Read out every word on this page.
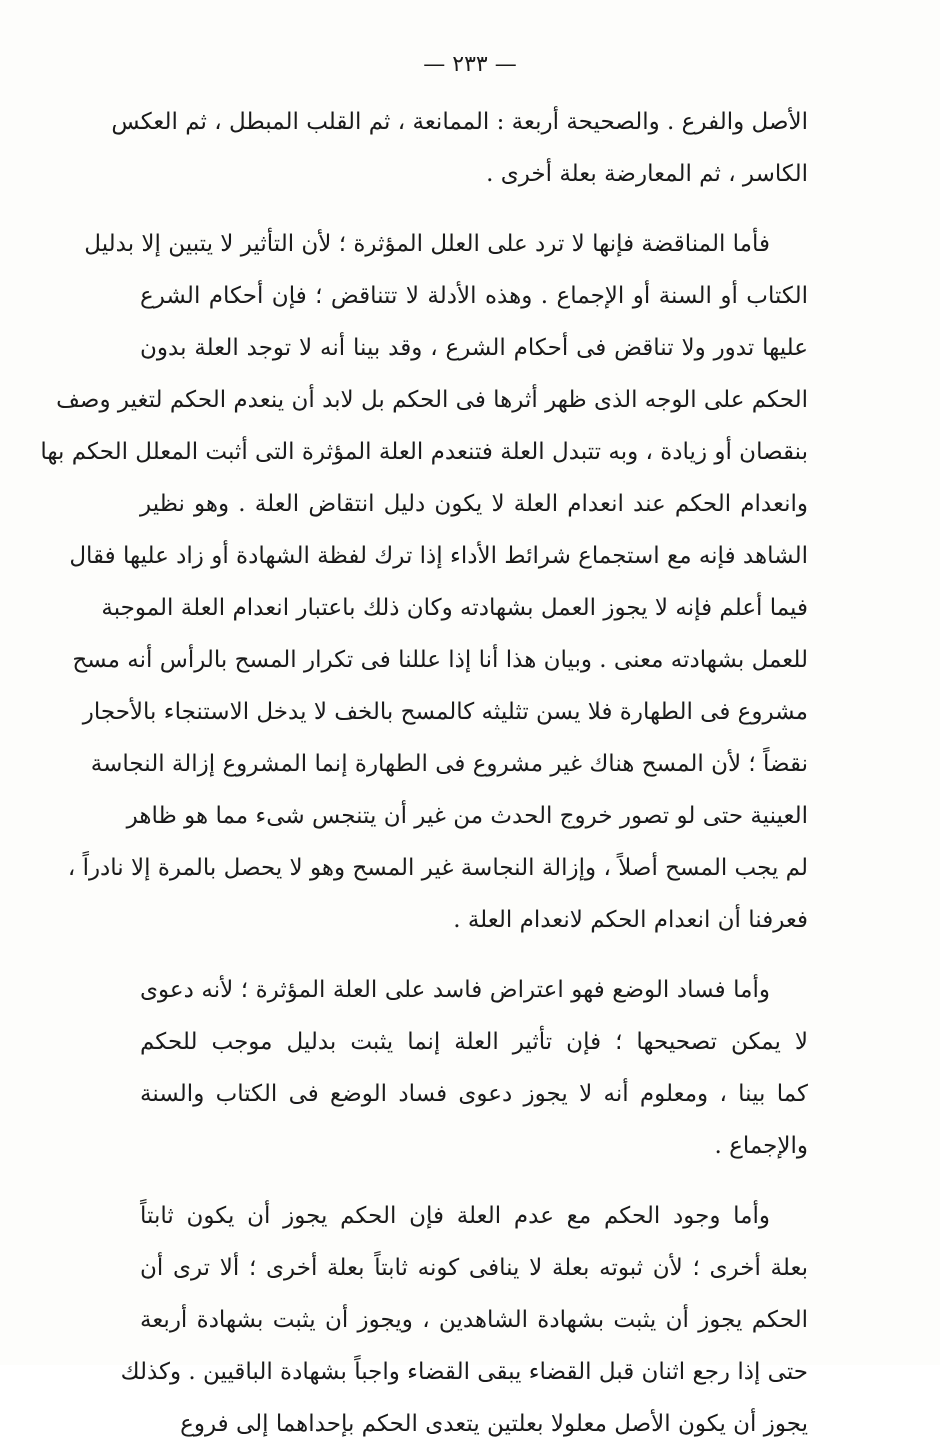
— ٢٣٣ —
الأصل والفرع . والصحيحة أربعة : الممانعة ، ثم القلب المبطل ، ثم العكس
الكاسر ، ثم المعارضة بعلة أخرى .
فأما المناقضة فإنها لا ترد على العلل المؤثرة ؛ لأن التأثير لا يتبين إلا بدليل
الكتاب أو السنة أو الإجماع . وهذه الأدلة لا تتناقض ؛ فإن أحكام الشرع
عليها تدور ولا تناقض فى أحكام الشرع ، وقد بينا أنه لا توجد العلة بدون
الحكم على الوجه الذى ظهر أثرها فى الحكم بل لابد أن ينعدم الحكم لتغير وصف
بنقصان أو زيادة ، وبه تتبدل العلة فتنعدم العلة المؤثرة التى أثبت المعلل الحكم بها
وانعدام الحكم عند انعدام العلة لا يكون دليل انتقاض العلة . وهو نظير
الشاهد فإنه مع استجماع شرائط الأداء إذا ترك لفظة الشهادة أو زاد عليها فقال
فيما أعلم فإنه لا يجوز العمل بشهادته وكان ذلك باعتبار انعدام العلة الموجبة
للعمل بشهادته معنى . وبيان هذا أنا إذا عللنا فى تكرار المسح بالرأس أنه مسح
مشروع فى الطهارة فلا يسن تثليثه كالمسح بالخف لا يدخل الاستنجاء بالأحجار
نقضاً ؛ لأن المسح هناك غير مشروع فى الطهارة إنما المشروع إزالة النجاسة
العينية حتى لو تصور خروج الحدث من غير أن يتنجس شىء مما هو ظاهر
لم يجب المسح أصلاً ، وإزالة النجاسة غير المسح وهو لا يحصل بالمرة إلا نادراً ،
فعرفنا أن انعدام الحكم لانعدام العلة .
وأما فساد الوضع فهو اعتراض فاسد على العلة المؤثرة ؛ لأنه دعوى
لا يمكن تصحيحها ؛ فإن تأثير العلة إنما يثبت بدليل موجب للحكم
كما بينا ، ومعلوم أنه لا يجوز دعوى فساد الوضع فى الكتاب والسنة
والإجماع .
وأما وجود الحكم مع عدم العلة فإن الحكم يجوز أن يكون ثابتاً
بعلة أخرى ؛ لأن ثبوته بعلة لا ينافى كونه ثابتاً بعلة أخرى ؛ ألا ترى أن
الحكم يجوز أن يثبت بشهادة الشاهدين ، ويجوز أن يثبت بشهادة أربعة
حتى إذا رجع اثنان قبل القضاء يبقى القضاء واجباً بشهادة الباقيين . وكذلك
يجوز أن يكون الأصل معلولا بعلتين يتعدى الحكم بإحداهما إلى فروع
